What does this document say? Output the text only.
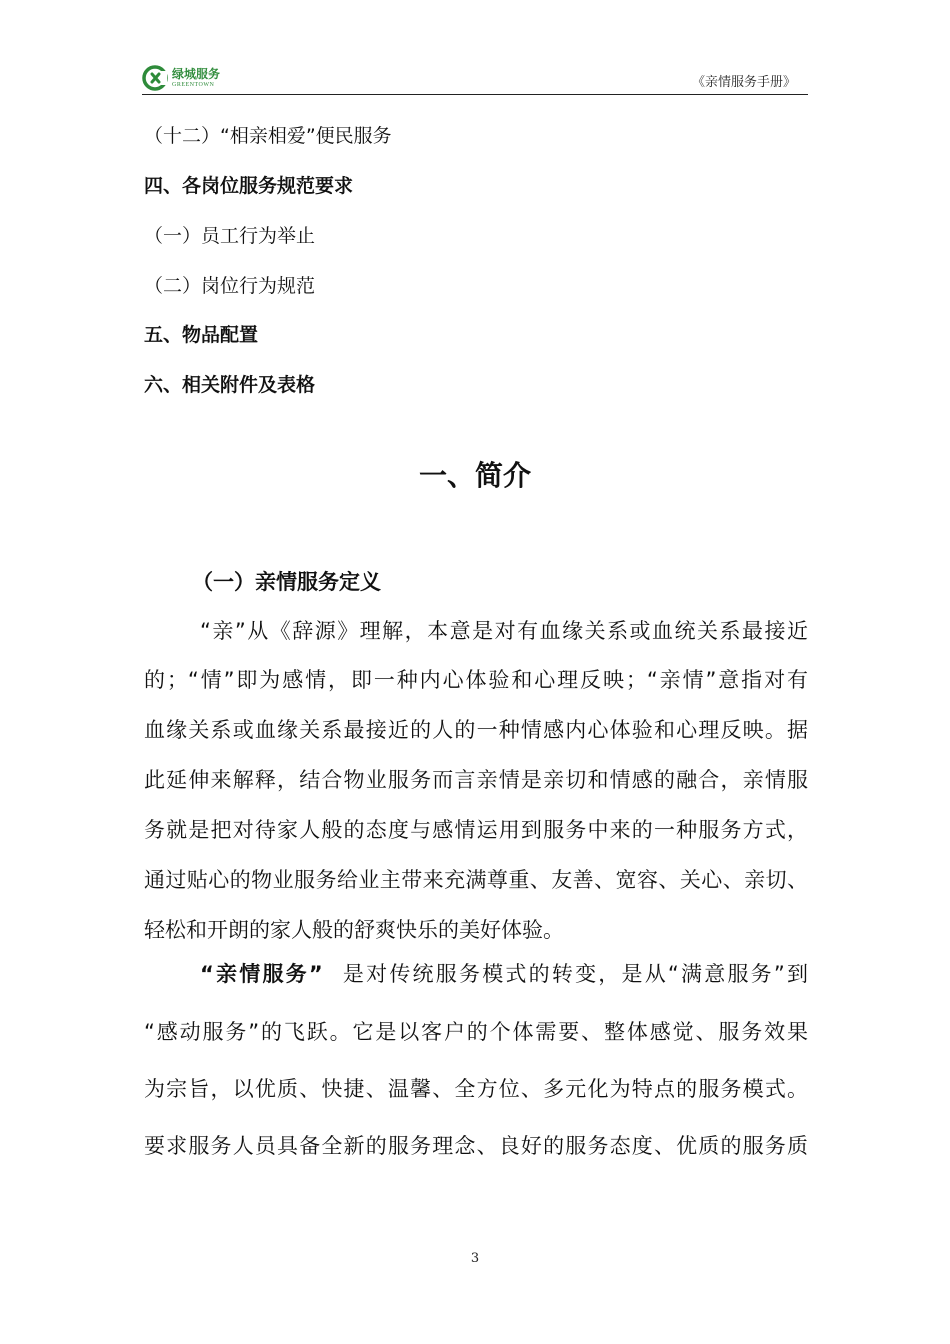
绿城服务
GREENTOWN	《亲情服务手册》
（十二）“相亲相爱”便民服务
四、各岗位服务规范要求
（一）员工行为举止
（二）岗位行为规范
五、物品配置
六、相关附件及表格
一、简介
（一）亲情服务定义
“亲”从《辞源》理解，本意是对有血缘关系或血统关系最接近
的；“情”即为感情，即一种内心体验和心理反映；“亲情”意指对有
血缘关系或血缘关系最接近的人的一种情感内心体验和心理反映。据
此延伸来解释，结合物业服务而言亲情是亲切和情感的融合，亲情服
务就是把对待家人般的态度与感情运用到服务中来的一种服务方式，
通过贴心的物业服务给业主带来充满尊重、友善、宽容、关心、亲切、
轻松和开朗的家人般的舒爽快乐的美好体验。
“亲情服务” 是对传统服务模式的转变，是从“满意服务”到
“感动服务”的飞跃。它是以客户的个体需要、整体感觉、服务效果
为宗旨，以优质、快捷、温馨、全方位、多元化为特点的服务模式。
要求服务人员具备全新的服务理念、良好的服务态度、优质的服务质
3
